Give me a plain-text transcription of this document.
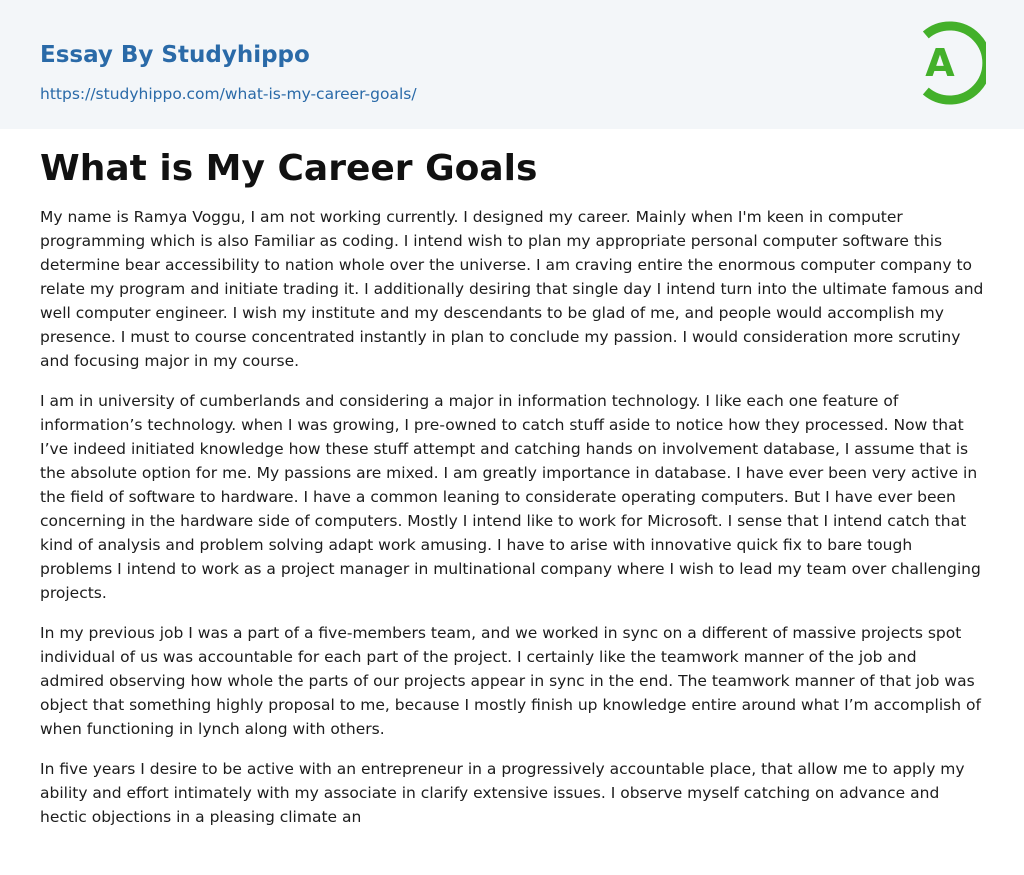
Essay By Studyhippo
https://studyhippo.com/what-is-my-career-goals/
A
What is My Career Goals

My name is Ramya Voggu, I am not working currently. I designed my career. Mainly when I'm keen in computer programming which is also Familiar as coding. I intend wish to plan my appropriate personal computer software this determine bear accessibility to nation whole over the universe. I am craving entire the enormous computer company to relate my program and initiate trading it. I additionally desiring that single day I intend turn into the ultimate famous and well computer engineer. I wish my institute and my descendants to be glad of me, and people would accomplish my presence. I must to course concentrated instantly in plan to conclude my passion. I would consideration more scrutiny and focusing major in my course.

I am in university of cumberlands and considering a major in information technology. I like each one feature of information’s technology. when I was growing, I pre-owned to catch stuff aside to notice how they processed. Now that I’ve indeed initiated knowledge how these stuff attempt and catching hands on involvement database, I assume that is the absolute option for me. My passions are mixed. I am greatly importance in database. I have ever been very active in the field of software to hardware. I have a common leaning to considerate operating computers. But I have ever been concerning in the hardware side of computers. Mostly I intend like to work for Microsoft. I sense that I intend catch that kind of analysis and problem solving adapt work amusing. I have to arise with innovative quick fix to bare tough problems I intend to work as a project manager in multinational company where I wish to lead my team over challenging projects.

In my previous job I was a part of a five-members team, and we worked in sync on a different of massive projects spot individual of us was accountable for each part of the project. I certainly like the teamwork manner of the job and admired observing how whole the parts of our projects appear in sync in the end. The teamwork manner of that job was object that something highly proposal to me, because I mostly finish up knowledge entire around what I’m accomplish of when functioning in lynch along with others.

In five years I desire to be active with an entrepreneur in a progressively accountable place, that allow me to apply my ability and effort intimately with my associate in clarify extensive issues. I observe myself catching on advance and hectic objections in a pleasing climate an
